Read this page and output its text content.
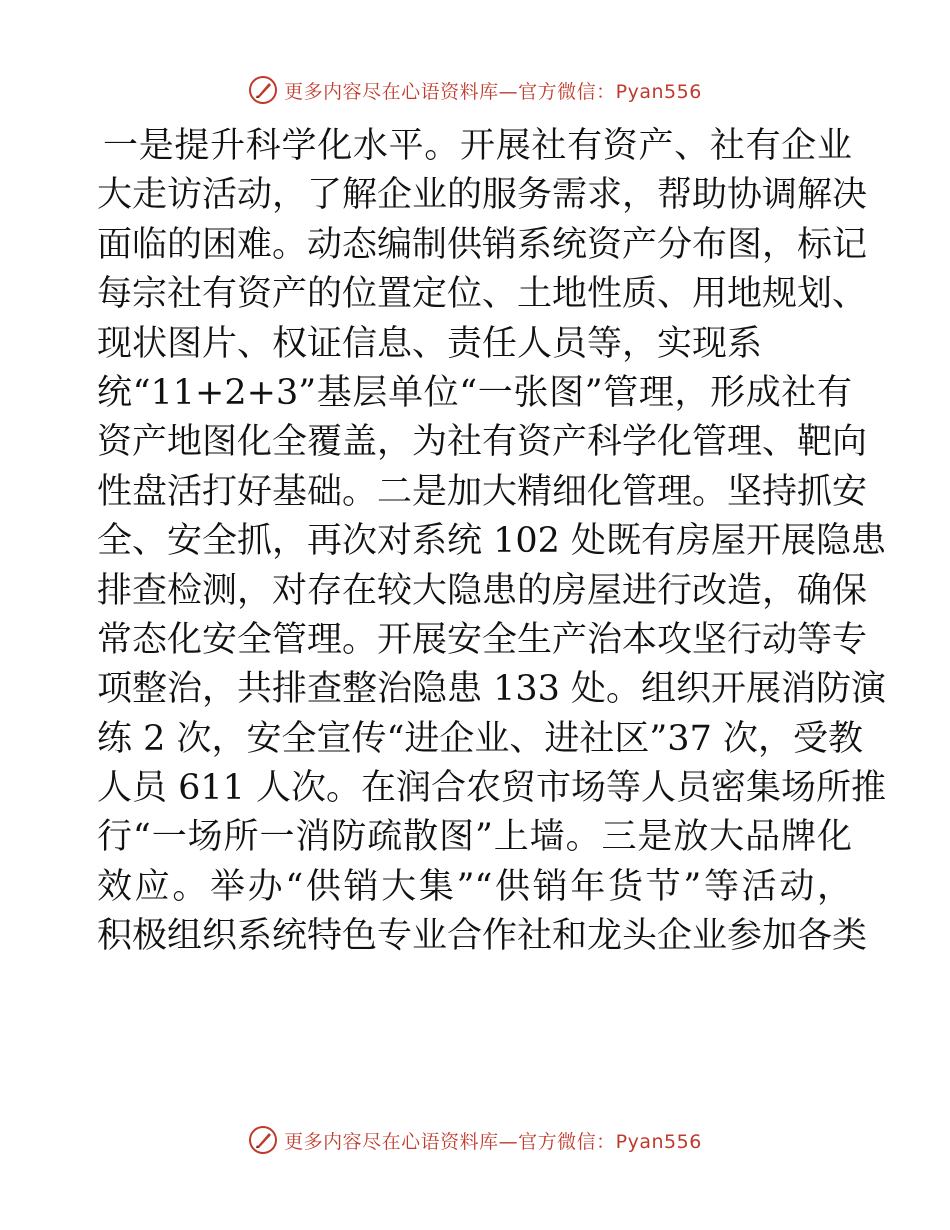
更多内容尽在心语资料库—官方微信：Pyan556
一是提升科学化水平。开展社有资产、社有企业
大走访活动，了解企业的服务需求，帮助协调解决
面临的困难。动态编制供销系统资产分布图，标记
每宗社有资产的位置定位、土地性质、用地规划、
现状图片、权证信息、责任人员等，实现系
统“11+2+3”基层单位“一张图”管理，形成社有
资产地图化全覆盖，为社有资产科学化管理、靶向
性盘活打好基础。二是加大精细化管理。坚持抓安
全、安全抓，再次对系统 102 处既有房屋开展隐患
排查检测，对存在较大隐患的房屋进行改造，确保
常态化安全管理。开展安全生产治本攻坚行动等专
项整治，共排查整治隐患 133 处。组织开展消防演
练 2 次，安全宣传“进企业、进社区”37 次，受教
人员 611 人次。在润合农贸市场等人员密集场所推
行“一场所一消防疏散图”上墙。三是放大品牌化
效应。举办“供销大集”“供销年货节”等活动，
积极组织系统特色专业合作社和龙头企业参加各类
更多内容尽在心语资料库—官方微信：Pyan556
